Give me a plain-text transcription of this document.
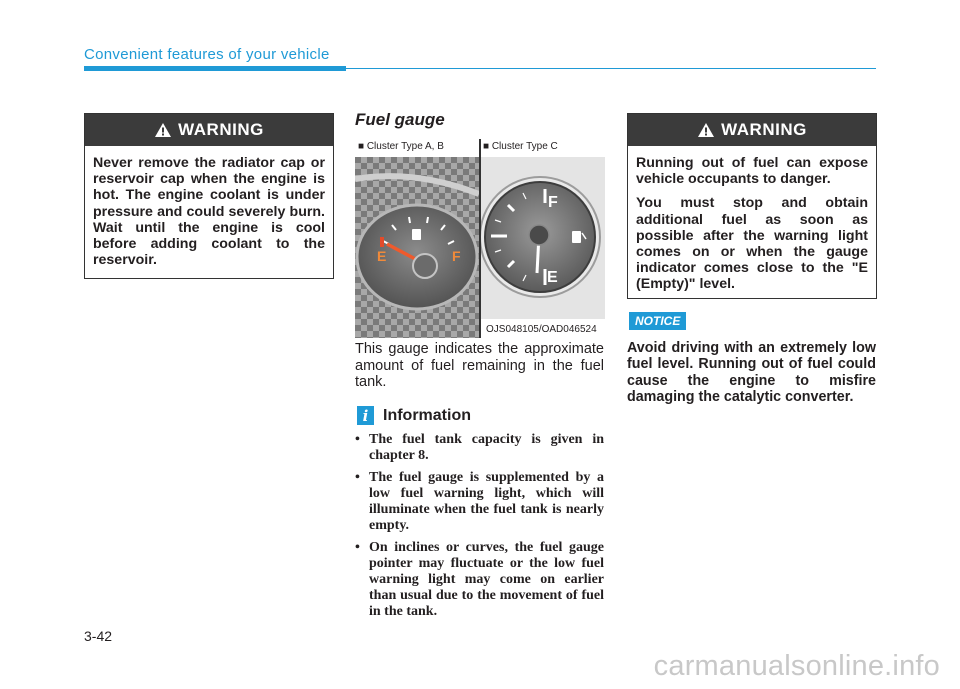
Convenient features of your vehicle
WARNING

Never remove the radiator cap or reservoir cap when the engine is hot. The engine coolant is under pressure and could severely burn. Wait until the engine is cool before adding coolant to the reservoir.

Fuel gauge
E	F
F
E
■ Cluster Type A, B	■ Cluster Type C
OJS048105/OAD046524
This gauge indicates the approximate amount of fuel remaining in the fuel tank.
i Information
• The fuel tank capacity is given in chapter 8.
• The fuel gauge is supplemented by a low fuel warning light, which will illuminate when the fuel tank is nearly empty.
• On inclines or curves, the fuel gauge pointer may fluctuate or the low fuel warning light may come on earlier than usual due to the movement of fuel in the tank.
WARNING

Running out of fuel can expose vehicle occupants to danger.

You must stop and obtain additional fuel as soon as possible after the warning light comes on or when the gauge indicator comes close to the "E (Empty)" level.

NOTICE
Avoid driving with an extremely low fuel level. Running out of fuel could cause the engine to misfire damaging the catalytic converter.
3-42
carmanualsonline.info
